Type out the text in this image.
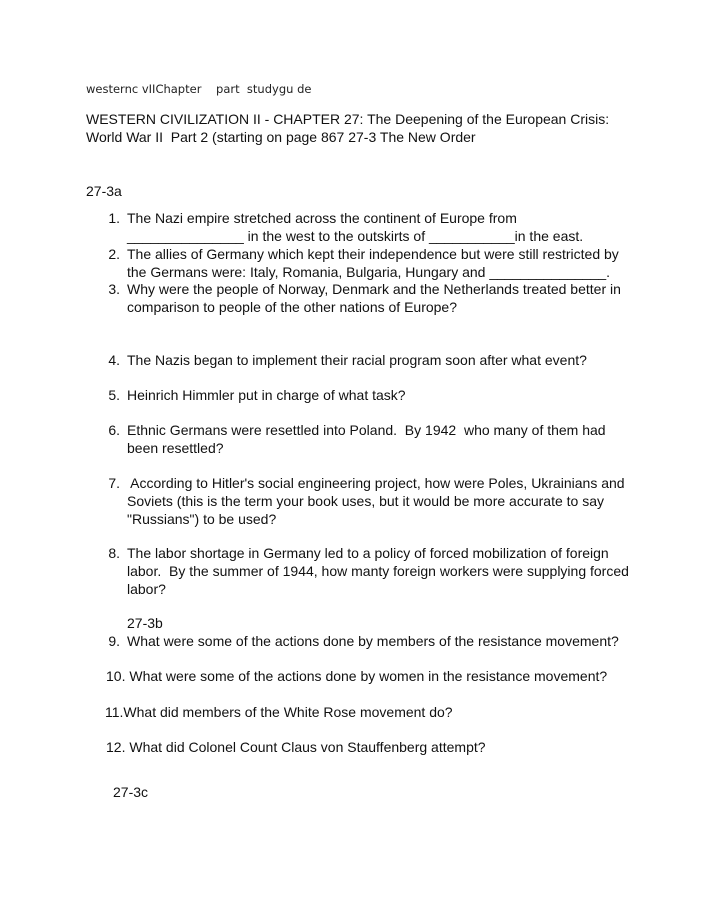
westernc vIIChapter    part  studygu de
WESTERN CIVILIZATION II - CHAPTER 27: The Deepening of the European Crisis:
World War II  Part 2 (starting on page 867 27-3 The New Order
27-3a
1. The Nazi empire stretched across the continent of Europe from
_______________ in the west to the outskirts of ___________in the east.
2. The allies of Germany which kept their independence but were still restricted by
the Germans were: Italy, Romania, Bulgaria, Hungary and _______________.
3. Why were the people of Norway, Denmark and the Netherlands treated better in
comparison to people of the other nations of Europe?
4. The Nazis began to implement their racial program soon after what event?
5. Heinrich Himmler put in charge of what task?
6. Ethnic Germans were resettled into Poland.  By 1942  who many of them had
been resettled?
7. According to Hitler's social engineering project, how were Poles, Ukrainians and
Soviets (this is the term your book uses, but it would be more accurate to say
"Russians") to be used?
8. The labor shortage in Germany led to a policy of forced mobilization of foreign
labor.  By the summer of 1944, how manty foreign workers were supplying forced
labor?
27-3b
9. What were some of the actions done by members of the resistance movement?
10. What were some of the actions done by women in the resistance movement?
11.What did members of the White Rose movement do?
12. What did Colonel Count Claus von Stauffenberg attempt?
27-3c
